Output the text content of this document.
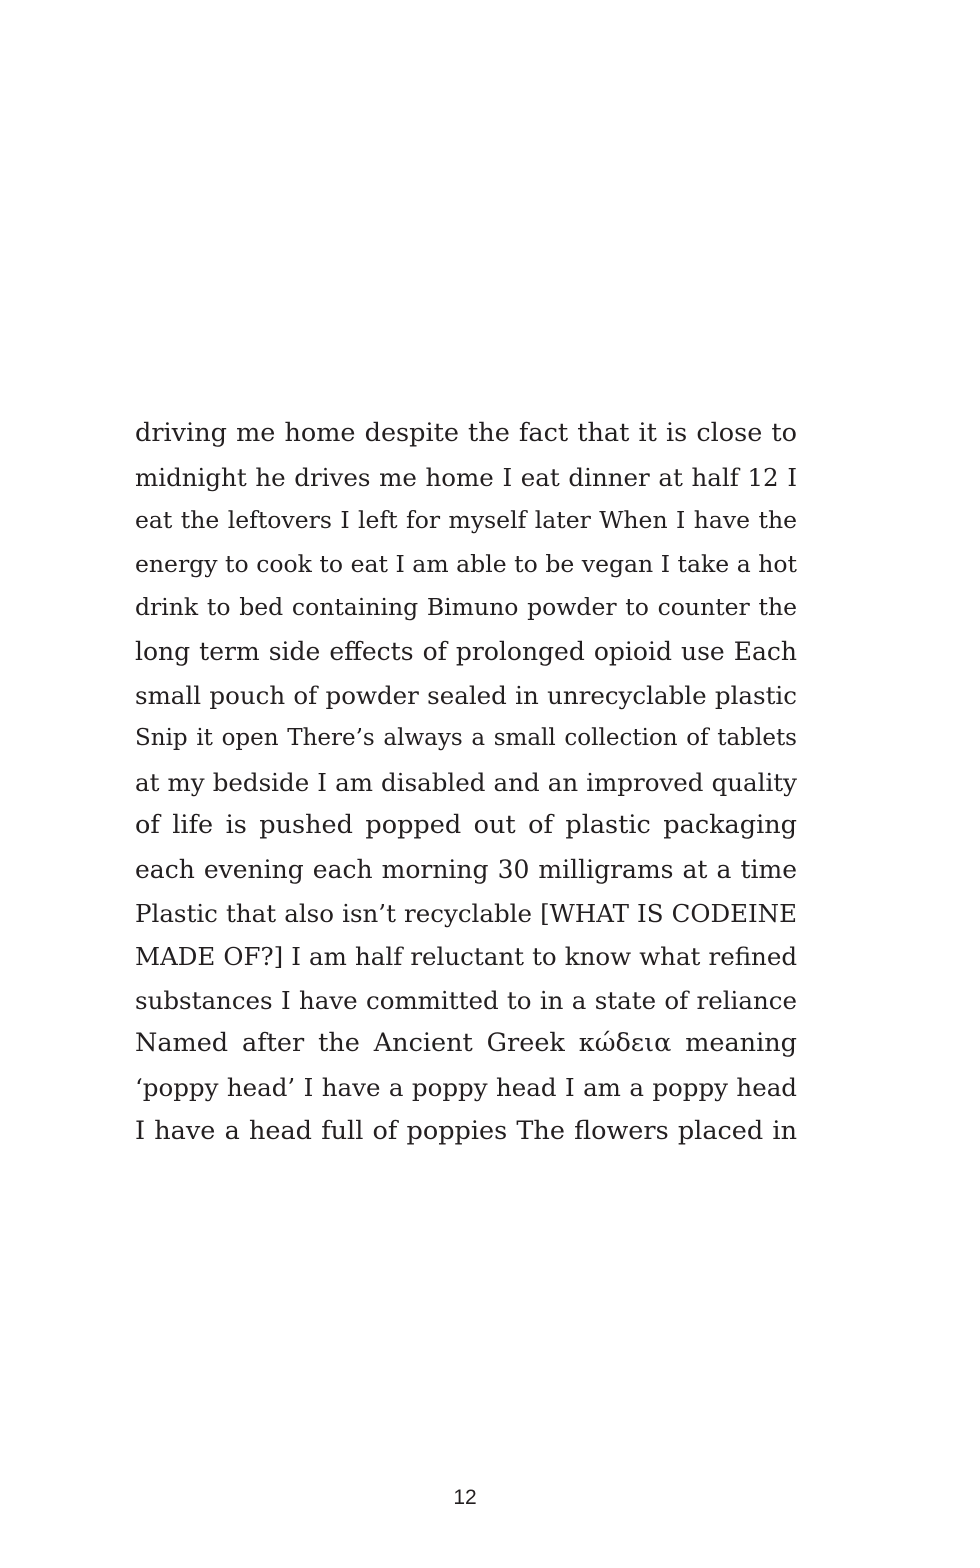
driving me home despite the fact that it is close to
midnight he drives me home I eat dinner at half 12 I
eat the leftovers I left for myself later When I have the
energy to cook to eat I am able to be vegan I take a hot
drink to bed containing Bimuno powder to counter the
long term side effects of prolonged opioid use Each
small pouch of powder sealed in unrecyclable plastic
Snip it open There’s always a small collection of tablets
at my bedside I am disabled and an improved quality
of life is pushed popped out of plastic packaging
each evening each morning 30 milligrams at a time
Plastic that also isn’t recyclable [WHAT IS CODEINE
MADE OF?] I am half reluctant to know what refined
substances I have committed to in a state of reliance
Named after the Ancient Greek κώδεια meaning
‘poppy head’ I have a poppy head I am a poppy head
I have a head full of poppies The flowers placed in
12
